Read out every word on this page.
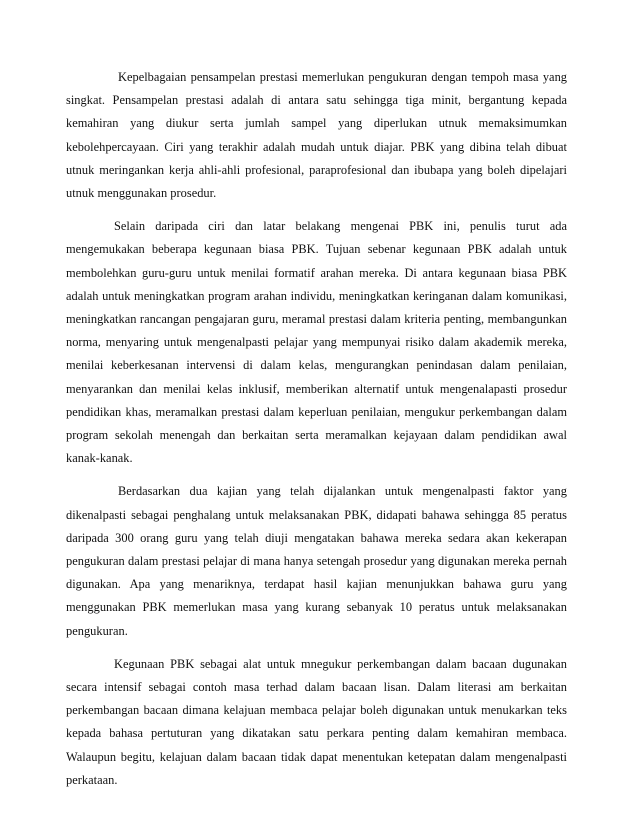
Kepelbagaian pensampelan prestasi memerlukan pengukuran dengan tempoh masa yang singkat. Pensampelan prestasi adalah di antara satu sehingga tiga minit, bergantung kepada kemahiran yang diukur serta jumlah sampel yang diperlukan utnuk memaksimumkan kebolehpercayaan. Ciri yang terakhir adalah mudah untuk diajar. PBK yang dibina telah dibuat utnuk meringankan kerja ahli-ahli profesional, paraprofesional dan ibubapa yang boleh dipelajari utnuk menggunakan prosedur.

Selain daripada ciri dan latar belakang mengenai PBK ini, penulis turut ada mengemukakan beberapa kegunaan biasa PBK. Tujuan sebenar kegunaan PBK adalah untuk membolehkan guru-guru untuk menilai formatif arahan mereka. Di antara kegunaan biasa PBK adalah untuk meningkatkan program arahan individu, meningkatkan keringanan dalam komunikasi, meningkatkan rancangan pengajaran guru, meramal prestasi dalam kriteria penting, membangunkan norma, menyaring untuk mengenalpasti pelajar yang mempunyai risiko dalam akademik mereka, menilai keberkesanan intervensi di dalam kelas, mengurangkan penindasan dalam penilaian, menyarankan dan menilai kelas inklusif, memberikan alternatif untuk mengenalapasti prosedur pendidikan khas, meramalkan prestasi dalam keperluan penilaian, mengukur perkembangan dalam program sekolah menengah dan berkaitan serta meramalkan kejayaan dalam pendidikan awal kanak-kanak.

Berdasarkan dua kajian yang telah dijalankan untuk mengenalpasti faktor yang dikenalpasti sebagai penghalang untuk melaksanakan PBK, didapati bahawa sehingga 85 peratus daripada 300 orang guru yang telah diuji mengatakan bahawa mereka sedara akan kekerapan pengukuran dalam prestasi pelajar di mana hanya setengah prosedur yang digunakan mereka pernah digunakan. Apa yang menariknya, terdapat hasil kajian menunjukkan bahawa guru yang menggunakan PBK memerlukan masa yang kurang sebanyak 10 peratus untuk melaksanakan pengukuran.

Kegunaan PBK sebagai alat untuk mnegukur perkembangan dalam bacaan dugunakan secara intensif sebagai contoh masa terhad dalam bacaan lisan. Dalam literasi am berkaitan perkembangan bacaan dimana kelajuan membaca pelajar boleh digunakan untuk menukarkan teks kepada bahasa pertuturan yang dikatakan satu perkara penting dalam kemahiran membaca. Walaupun begitu, kelajuan dalam bacaan tidak dapat menentukan ketepatan dalam mengenalpasti perkataan.
